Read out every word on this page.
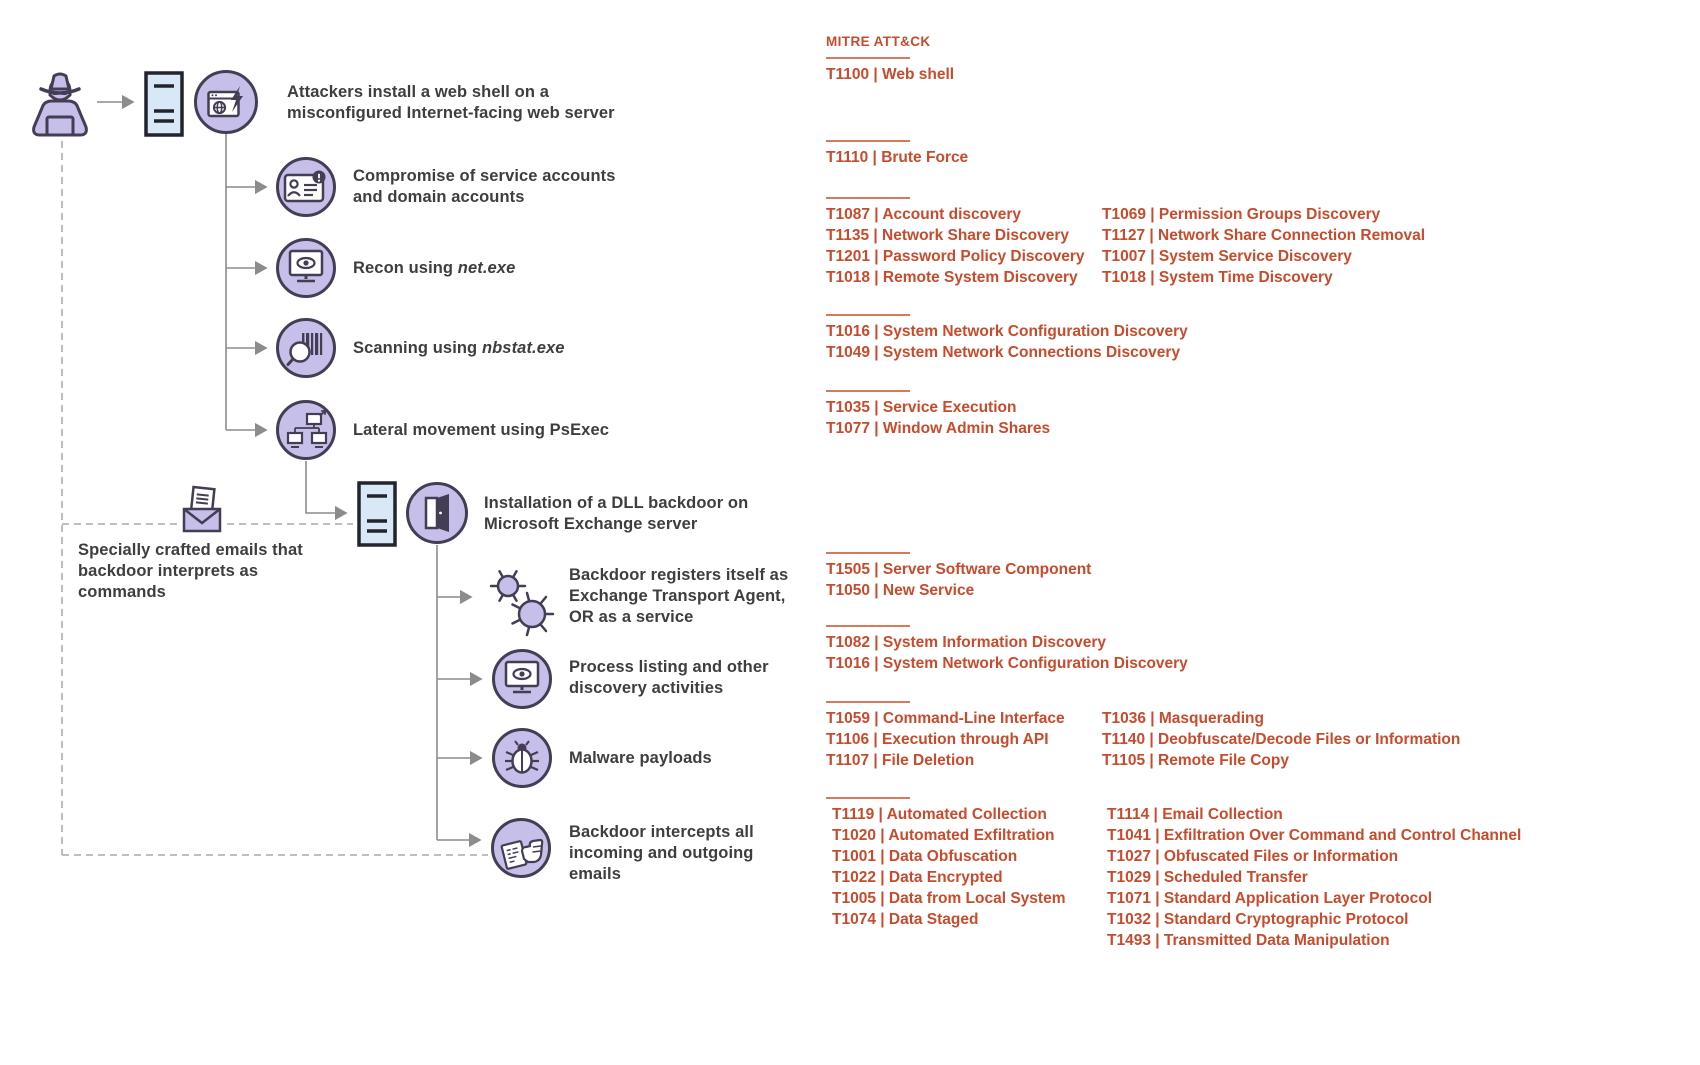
Attackers install a web shell on a misconfigured Internet-facing web server
Compromise of service accounts and domain accounts
Recon using net.exe
Scanning using nbstat.exe
Lateral movement using PsExec
Installation of a DLL backdoor on Microsoft Exchange server
Backdoor registers itself as Exchange Transport Agent, OR as a service
Process listing and other discovery activities
Malware payloads
Backdoor intercepts all incoming and outgoing emails
Specially crafted emails that backdoor interprets as commands
MITRE ATT&CK
T1100 | Web shell
T1110 | Brute Force
T1087 | Account discovery
T1135 | Network Share Discovery
T1201 | Password Policy Discovery
T1018 | Remote System Discovery
T1069 | Permission Groups Discovery
T1127 | Network Share Connection Removal
T1007 | System Service Discovery
T1018 | System Time Discovery
T1016 | System Network Configuration Discovery
T1049 | System Network Connections Discovery
T1035 | Service Execution
T1077 | Window Admin Shares
T1505 | Server Software Component
T1050 | New Service
T1082 | System Information Discovery
T1016 | System Network Configuration Discovery
T1059 | Command-Line Interface
T1106 | Execution through API
T1107 | File Deletion
T1036 | Masquerading
T1140 | Deobfuscate/Decode Files or Information
T1105 | Remote File Copy
T1119 | Automated Collection
T1020 | Automated Exfiltration
T1001 | Data Obfuscation
T1022 | Data Encrypted
T1005 | Data from Local System
T1074 | Data Staged
T1114 | Email Collection
T1041 | Exfiltration Over Command and Control Channel
T1027 | Obfuscated Files or Information
T1029 | Scheduled Transfer
T1071 | Standard Application Layer Protocol
T1032 | Standard Cryptographic Protocol
T1493 | Transmitted Data Manipulation
